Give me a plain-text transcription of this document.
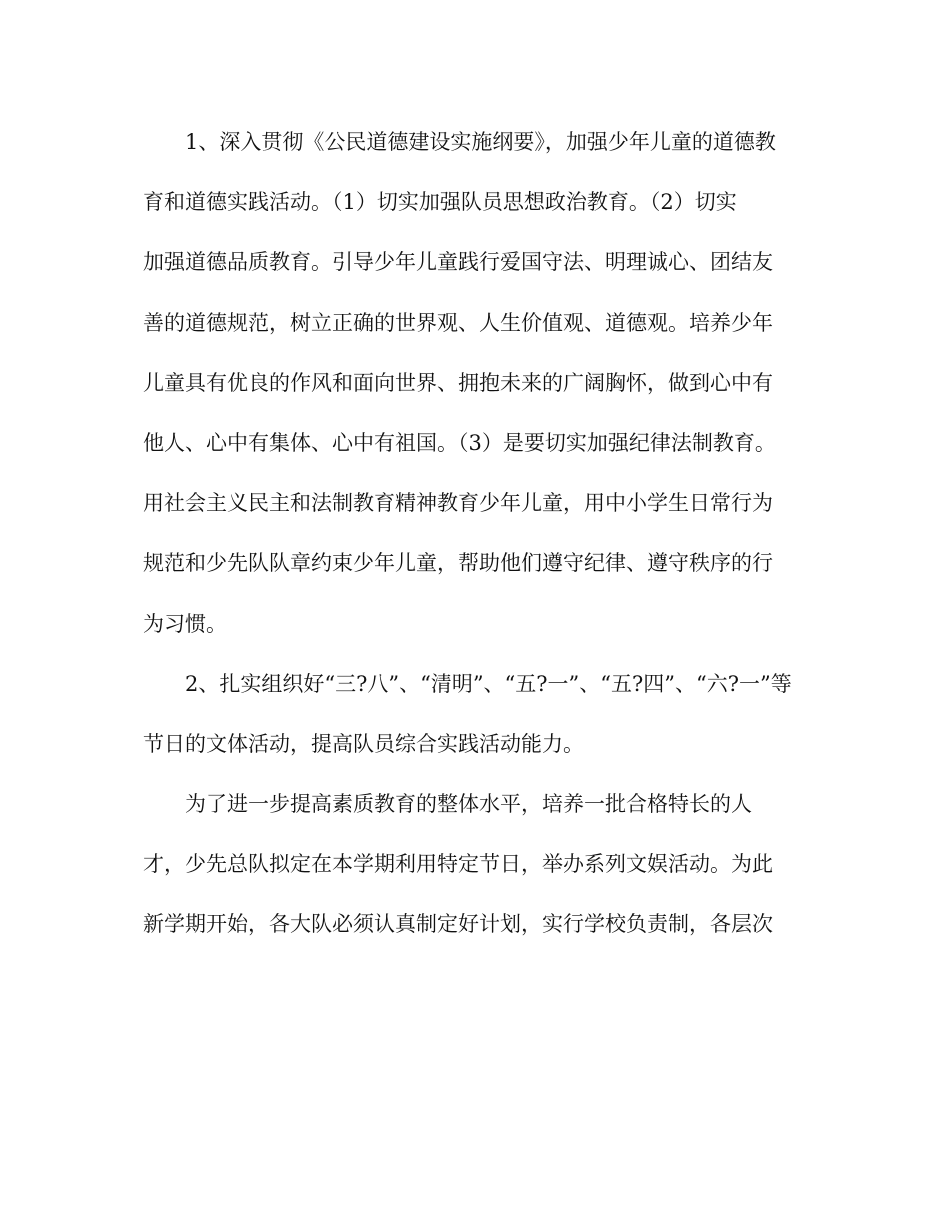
1、深入贯彻《公民道德建设实施纲要》，加强少年儿童的道德教
育和道德实践活动。（1）切实加强队员思想政治教育。（2）切实
加强道德品质教育。引导少年儿童践行爱国守法、明理诚心、团结友
善的道德规范，树立正确的世界观、人生价值观、道德观。培养少年
儿童具有优良的作风和面向世界、拥抱未来的广阔胸怀，做到心中有
他人、心中有集体、心中有祖国。（3）是要切实加强纪律法制教育。
用社会主义民主和法制教育精神教育少年儿童，用中小学生日常行为
规范和少先队队章约束少年儿童，帮助他们遵守纪律、遵守秩序的行
为习惯。
2、扎实组织好“三?八”、“清明”、“五?一”、“五?四”、“六?一”等
节日的文体活动，提高队员综合实践活动能力。
为了进一步提高素质教育的整体水平，培养一批合格特长的人
才，少先总队拟定在本学期利用特定节日，举办系列文娱活动。为此
新学期开始，各大队必须认真制定好计划，实行学校负责制，各层次
